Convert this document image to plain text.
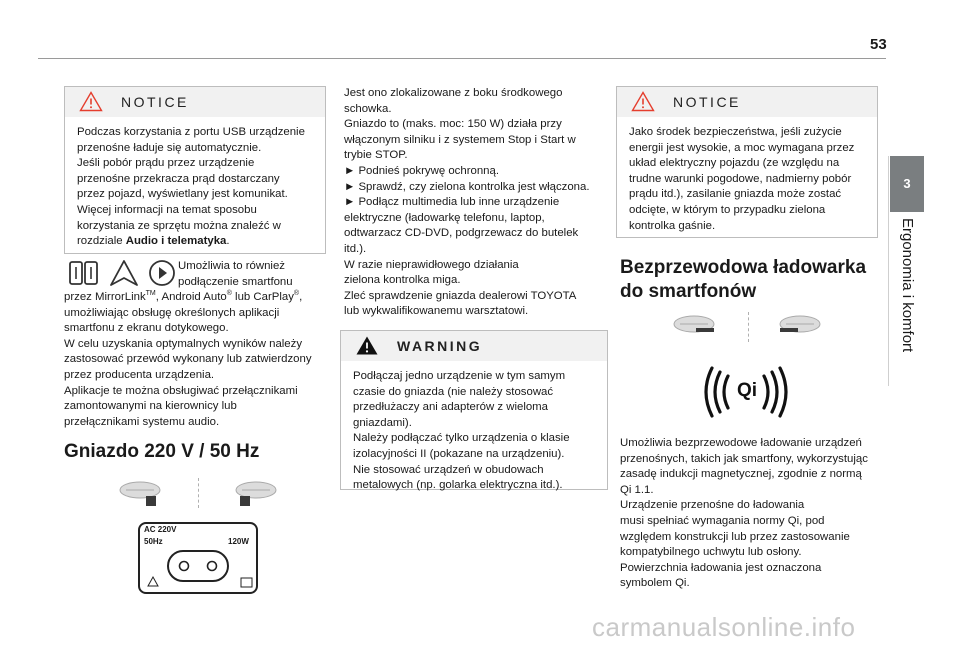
53
3
Ergonomia i komfort
NOTICE
Podczas korzystania z portu USB urządzenie
przenośne ładuje się automatycznie.
Jeśli pobór prądu przez urządzenie
przenośne przekracza prąd dostarczany
przez pojazd, wyświetlany jest komunikat.
Więcej informacji na temat sposobu
korzystania ze sprzętu można znaleźć w
rozdziale Audio i telematyka.
Umożliwia to również
podłączenie smartfonu
przez MirrorLink™, Android Auto® lub CarPlay®,
umożliwiając obsługę określonych aplikacji
smartfonu z ekranu dotykowego.
W celu uzyskania optymalnych wyników należy
zastosować przewód wykonany lub zatwierdzony
przez producenta urządzenia.
Aplikacje te można obsługiwać przełącznikami
zamontowanymi na kierownicy lub
przełącznikami systemu audio.
Gniazdo 220 V / 50 Hz
AC 220V
50Hz	120W
Jest ono zlokalizowane z boku środkowego
schowka.
Gniazdo to (maks. moc: 150 W) działa przy
włączonym silniku i z systemem Stop i Start w
trybie STOP.
► Podnieś pokrywę ochronną.
► Sprawdź, czy zielona kontrolka jest włączona.
► Podłącz multimedia lub inne urządzenie
elektryczne (ładowarkę telefonu, laptop,
odtwarzacz CD-DVD, podgrzewacz do butelek
itd.).
W razie nieprawidłowego działania
zielona kontrolka miga.
Zleć sprawdzenie gniazda dealerowi TOYOTA
lub wykwalifikowanemu warsztatowi.
WARNING
Podłączaj jedno urządzenie w tym samym
czasie do gniazda (nie należy stosować
przedłużaczy ani adapterów z wieloma
gniazdami).
Należy podłączać tylko urządzenia o klasie
izolacyjności II (pokazane na urządzeniu).
Nie stosować urządzeń w obudowach
metalowych (np. golarka elektryczna itd.).
NOTICE
Jako środek bezpieczeństwa, jeśli zużycie
energii jest wysokie, a moc wymagana przez
układ elektryczny pojazdu (ze względu na
trudne warunki pogodowe, nadmierny pobór
prądu itd.), zasilanie gniazda może zostać
odcięte, w którym to przypadku zielona
kontrolka gaśnie.
Bezprzewodowa ładowarka
do smartfonów
Qi
Umożliwia bezprzewodowe ładowanie urządzeń
przenośnych, takich jak smartfony, wykorzystując
zasadę indukcji magnetycznej, zgodnie z normą
Qi 1.1.
Urządzenie przenośne do ładowania
musi spełniać wymagania normy Qi, pod
względem konstrukcji lub przez zastosowanie
kompatybilnego uchwytu lub osłony.
Powierzchnia ładowania jest oznaczona
symbolem Qi.
carmanualsonline.info
